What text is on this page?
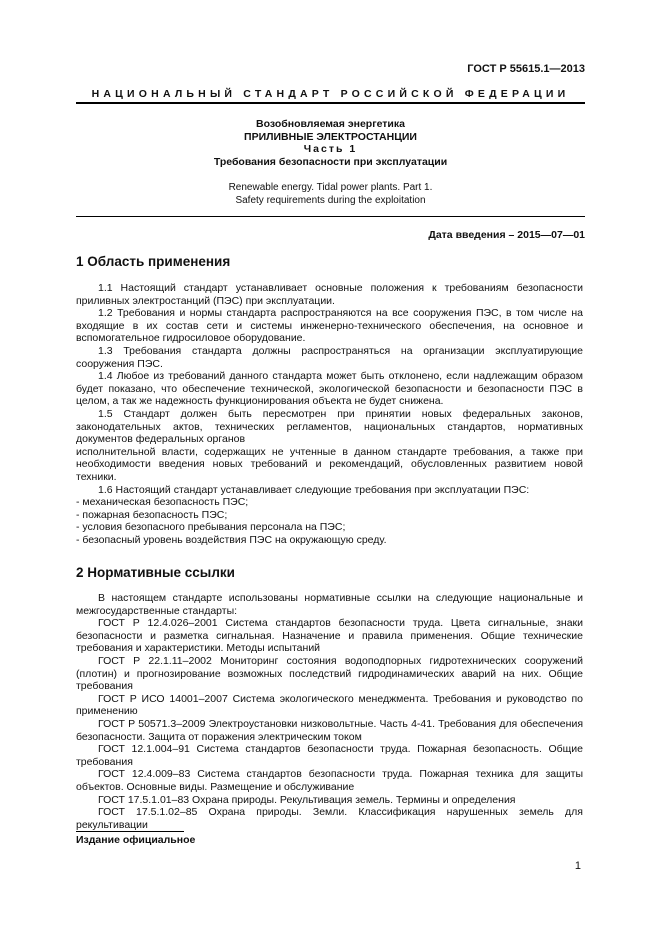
ГОСТ Р 55615.1—2013
НАЦИОНАЛЬНЫЙ СТАНДАРТ РОССИЙСКОЙ ФЕДЕРАЦИИ
Возобновляемая энергетика
ПРИЛИВНЫЕ ЭЛЕКТРОСТАНЦИИ
Часть 1
Требования безопасности при эксплуатации
Renewable energy. Tidal power plants. Part 1.
Safety requirements during the exploitation
Дата введения – 2015—07—01
1 Область применения

1.1 Настоящий стандарт устанавливает основные положения к требованиям безопасности приливных электростанций (ПЭС) при эксплуатации.

1.2 Требования и нормы стандарта распространяются на все сооружения ПЭС, в том числе на входящие в их состав сети и системы инженерно-технического обеспечения, на основное и вспомогательное гидросиловое оборудование.

1.3 Требования стандарта должны распространяться на организации эксплуатирующие сооружения ПЭС.

1.4 Любое из требований данного стандарта может быть отклонено, если надлежащим образом будет показано, что обеспечение технической, экологической безопасности и безопасности ПЭС в целом, а так же надежность функционирования объекта не будет снижена.

1.5 Стандарт должен быть пересмотрен при принятии новых федеральных законов, законодательных актов, технических регламентов, национальных стандартов, нормативных документов федеральных органов

исполнительной власти, содержащих не учтенные в данном стандарте требования, а также при необходимости введения новых требований и рекомендаций, обусловленных развитием новой техники.

1.6 Настоящий стандарт устанавливает следующие требования при эксплуатации ПЭС:

- механическая безопасность ПЭС;

- пожарная безопасность ПЭС;

- условия безопасного пребывания персонала на ПЭС;

- безопасный уровень воздействия ПЭС на окружающую среду.

2 Нормативные ссылки

В настоящем стандарте использованы нормативные ссылки на следующие национальные и межгосударственные стандарты:

ГОСТ Р 12.4.026–2001 Система стандартов безопасности труда. Цвета сигнальные, знаки безопасности и разметка сигнальная. Назначение и правила применения. Общие технические требования и характеристики. Методы испытаний

ГОСТ Р 22.1.11–2002 Мониторинг состояния водоподпорных гидротехнических сооружений (плотин) и прогнозирование возможных последствий гидродинамических аварий на них. Общие требования

ГОСТ Р ИСО 14001–2007 Система экологического менеджмента. Требования и руководство по применению

ГОСТ Р 50571.3–2009 Электроустановки низковольтные. Часть 4-41. Требования для обеспечения безопасности. Защита от поражения электрическим током

ГОСТ 12.1.004–91 Система стандартов безопасности труда. Пожарная безопасность. Общие требования

ГОСТ 12.4.009–83 Система стандартов безопасности труда. Пожарная техника для защиты объектов. Основные виды. Размещение и обслуживание

ГОСТ 17.5.1.01–83 Охрана природы. Рекультивация земель. Термины и определения

ГОСТ 17.5.1.02–85 Охрана природы. Земли. Классификация нарушенных земель для рекультивации

Издание официальное
1
